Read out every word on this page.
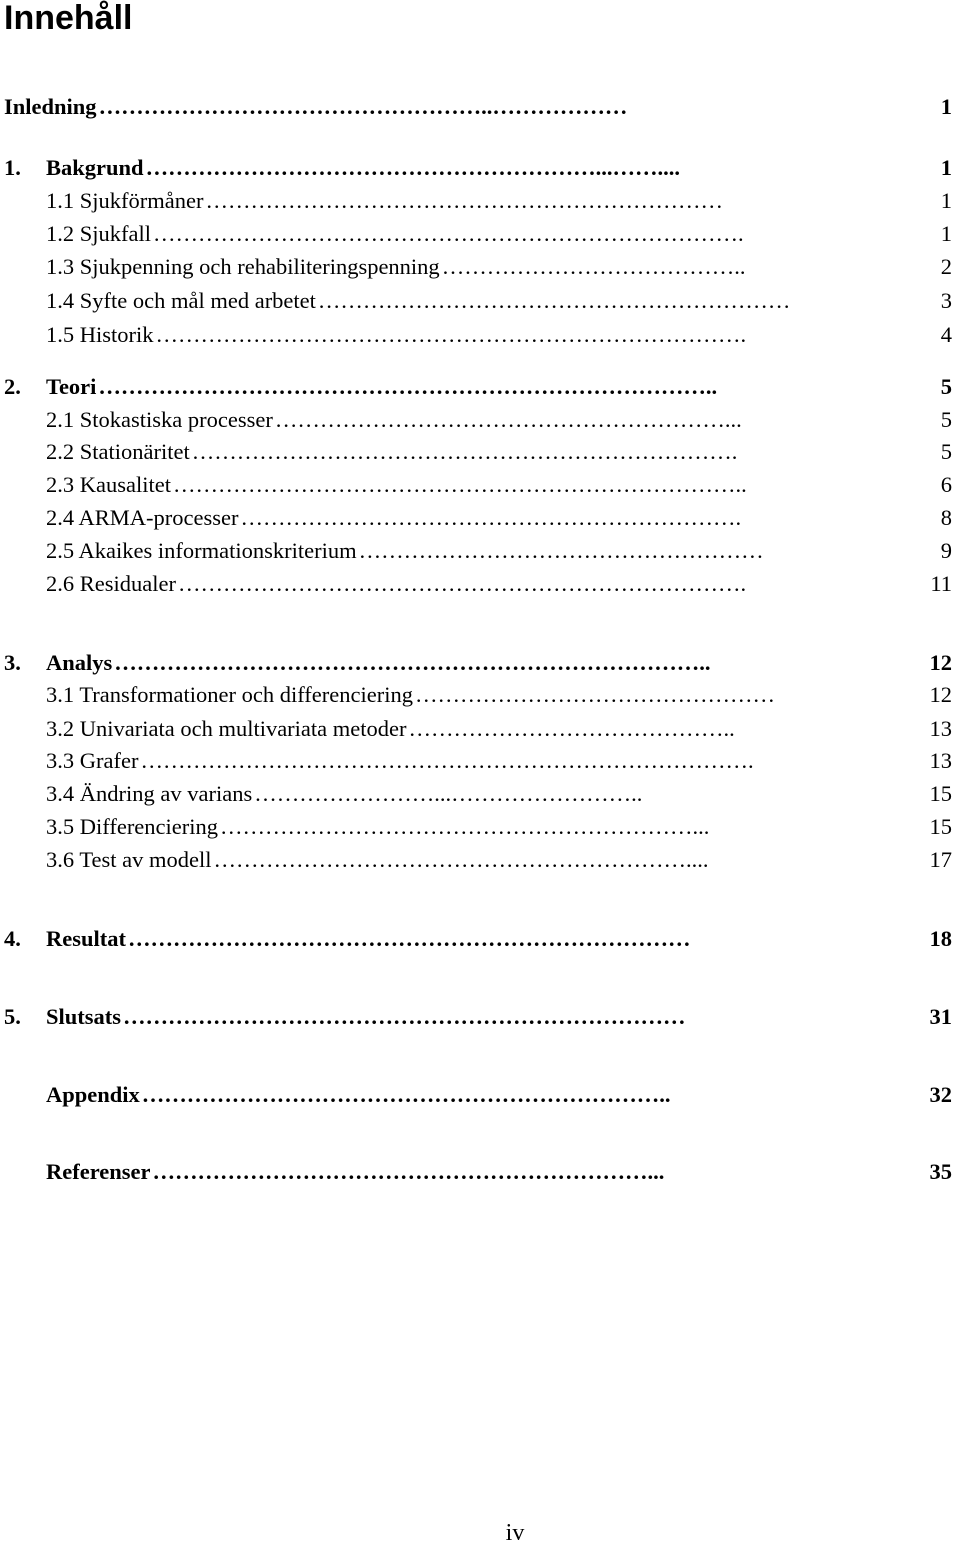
Innehåll
Inledning ……………………………………………..………………	1
1.	Bakgrund ……………………………………………………...……....	1
1.1 Sjukförmåner ……………………………………………………………	1
1.2 Sjukfall …………………………………………………………………….	1
1.3 Sjukpenning och rehabiliteringspenning …………………………………..	2
1.4 Syfte och mål med arbetet ………………………………………………………	3
1.5 Historik …………………………………………………………………….	4
2.	Teori ………………………………………………………………………..	5
2.1 Stokastiska processer ……………………………………………………...	5
2.2 Stationäritet ……………………………………………………………….	5
2.3 Kausalitet …………………………………………………………………..	6
2.4 ARMA-processer ………………………………………………………….	8
2.5 Akaikes informationskriterium ………………………………………………	9
2.6 Residualer ………………………………………………………………….	11
3.	Analys ……………………………………………………………………..	12
3.1 Transformationer och differenciering …………………………………………	12
3.2 Univariata och multivariata metoder ……………………………………..	13
3.3 Grafer ……………………………………………………………………….	13
3.4 Ändring av varians ……………………...……………………..	15
3.5 Differenciering ………………………………………………………...	15
3.6 Test av modell ………………………………………………………....	17
4.	Resultat …………………………………………………………………	18
5.	Slutsats …………………………………………………………………	31
Appendix ……………………………………………………………..	32
Referenser …………………………………………………………...	35
iv
